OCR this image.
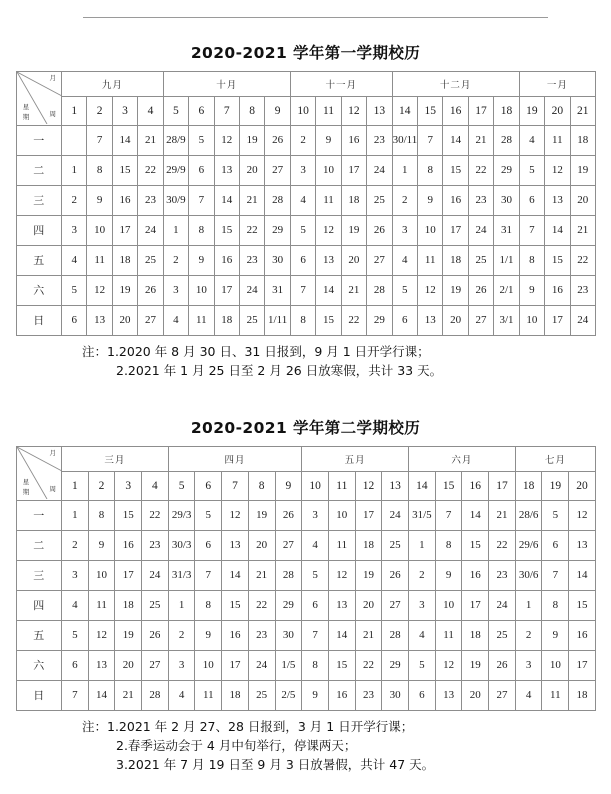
2020-2021 学年第一学期校历
月
周
星
期	九月				十月					十一月				十二月					一月		
	1	2	3	4	5	6	7	8	9	10	11	12	13	14	15	16	17	18	19	20	21
一		7	14	21	28/9	5	12	19	26	2	9	16	23	30/11	7	14	21	28	4	11	18
二	1	8	15	22	29/9	6	13	20	27	3	10	17	24	1	8	15	22	29	5	12	19
三	2	9	16	23	30/9	7	14	21	28	4	11	18	25	2	9	16	23	30	6	13	20
四	3	10	17	24	1	8	15	22	29	5	12	19	26	3	10	17	24	31	7	14	21
五	4	11	18	25	2	9	16	23	30	6	13	20	27	4	11	18	25	1/1	8	15	22
六	5	12	19	26	3	10	17	24	31	7	14	21	28	5	12	19	26	2/1	9	16	23
日	6	13	20	27	4	11	18	25	1/11	8	15	22	29	6	13	20	27	3/1	10	17	24
注：1.2020 年 8 月 30 日、31 日报到，9 月 1 日开学行课；
2.2021 年 1 月 25 日至 2 月 26 日放寒假，共计 33 天。
2020-2021 学年第二学期校历
月
周
星
期	三月				四月					五月				六月				七月		
	1	2	3	4	5	6	7	8	9	10	11	12	13	14	15	16	17	18	19	20
一	1	8	15	22	29/3	5	12	19	26	3	10	17	24	31/5	7	14	21	28/6	5	12
二	2	9	16	23	30/3	6	13	20	27	4	11	18	25	1	8	15	22	29/6	6	13
三	3	10	17	24	31/3	7	14	21	28	5	12	19	26	2	9	16	23	30/6	7	14
四	4	11	18	25	1	8	15	22	29	6	13	20	27	3	10	17	24	1	8	15
五	5	12	19	26	2	9	16	23	30	7	14	21	28	4	11	18	25	2	9	16
六	6	13	20	27	3	10	17	24	1/5	8	15	22	29	5	12	19	26	3	10	17
日	7	14	21	28	4	11	18	25	2/5	9	16	23	30	6	13	20	27	4	11	18
注：1.2021 年 2 月 27、28 日报到，3 月 1 日开学行课；
2.春季运动会于 4 月中旬举行，停课两天；
3.2021 年 7 月 19 日至 9 月 3 日放暑假，共计 47 天。
